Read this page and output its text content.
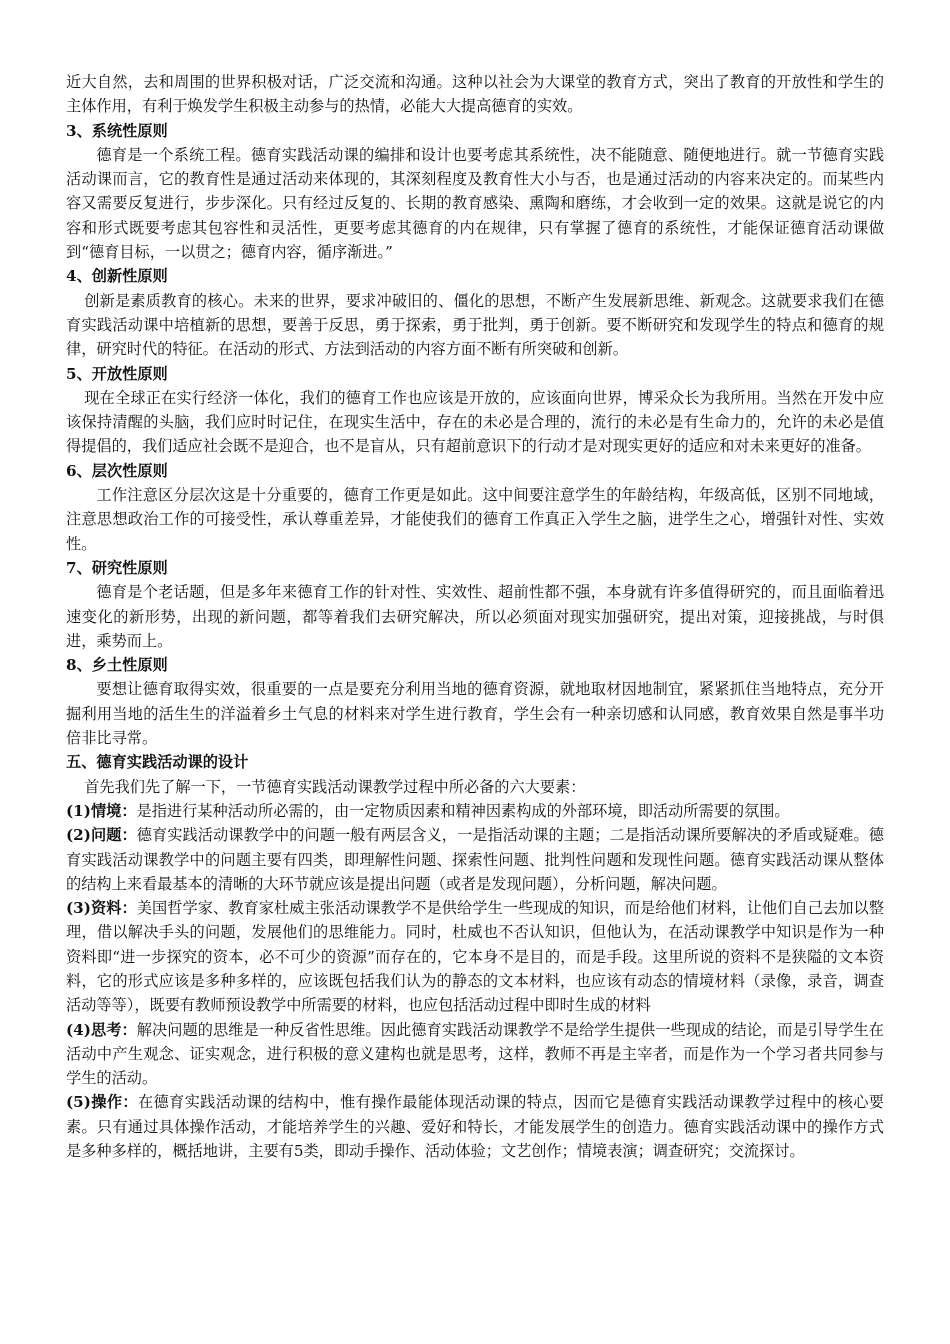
近大自然，去和周围的世界积极对话，广泛交流和沟通。这种以社会为大课堂的教育方式，突出了教育的开放性和学生的主体作用，有利于焕发学生积极主动参与的热情，必能大大提高德育的实效。

3、系统性原则

德育是一个系统工程。德育实践活动课的编排和设计也要考虑其系统性，决不能随意、随便地进行。就一节德育实践活动课而言，它的教育性是通过活动来体现的，其深刻程度及教育性大小与否，也是通过活动的内容来决定的。而某些内容又需要反复进行，步步深化。只有经过反复的、长期的教育感染、熏陶和磨练，才会收到一定的效果。这就是说它的内容和形式既要考虑其包容性和灵活性，更要考虑其德育的内在规律，只有掌握了德育的系统性，才能保证德育活动课做到“德育目标，一以贯之；德育内容，循序渐进。”

4、创新性原则

创新是素质教育的核心。未来的世界，要求冲破旧的、僵化的思想，不断产生发展新思维、新观念。这就要求我们在德育实践活动课中培植新的思想，要善于反思，勇于探索，勇于批判，勇于创新。要不断研究和发现学生的特点和德育的规律，研究时代的特征。在活动的形式、方法到活动的内容方面不断有所突破和创新。

5、开放性原则

现在全球正在实行经济一体化，我们的德育工作也应该是开放的，应该面向世界，博采众长为我所用。当然在开发中应该保持清醒的头脑，我们应时时记住，在现实生活中，存在的未必是合理的，流行的未必是有生命力的，允许的未必是值得提倡的，我们适应社会既不是迎合，也不是盲从，只有超前意识下的行动才是对现实更好的适应和对未来更好的准备。

6、层次性原则

工作注意区分层次这是十分重要的，德育工作更是如此。这中间要注意学生的年龄结构，年级高低，区别不同地域，注意思想政治工作的可接受性，承认尊重差异，才能使我们的德育工作真正入学生之脑，进学生之心，增强针对性、实效性。

7、研究性原则

德育是个老话题，但是多年来德育工作的针对性、实效性、超前性都不强，本身就有许多值得研究的，而且面临着迅速变化的新形势，出现的新问题，都等着我们去研究解决，所以必须面对现实加强研究，提出对策，迎接挑战，与时俱进，乘势而上。

8、乡土性原则

要想让德育取得实效，很重要的一点是要充分利用当地的德育资源，就地取材因地制宜，紧紧抓住当地特点，充分开掘利用当地的活生生的洋溢着乡土气息的材料来对学生进行教育，学生会有一种亲切感和认同感，教育效果自然是事半功倍非比寻常。

五、德育实践活动课的设计

首先我们先了解一下，一节德育实践活动课教学过程中所必备的六大要素：

(1)情境：是指进行某种活动所必需的，由一定物质因素和精神因素构成的外部环境，即活动所需要的氛围。

(2)问题：德育实践活动课教学中的问题一般有两层含义，一是指活动课的主题；二是指活动课所要解决的矛盾或疑难。德育实践活动课教学中的问题主要有四类，即理解性问题、探索性问题、批判性问题和发现性问题。德育实践活动课从整体的结构上来看最基本的清晰的大环节就应该是提出问题（或者是发现问题），分析问题，解决问题。

(3)资料：美国哲学家、教育家杜威主张活动课教学不是供给学生一些现成的知识，而是给他们材料，让他们自己去加以整理，借以解决手头的问题，发展他们的思维能力。同时，杜威也不否认知识，但他认为，在活动课教学中知识是作为一种资料即“进一步探究的资本，必不可少的资源”而存在的，它本身不是目的，而是手段。这里所说的资料不是狭隘的文本资料，它的形式应该是多种多样的，应该既包括我们认为的静态的文本材料，也应该有动态的情境材料（录像，录音，调查活动等等），既要有教师预设教学中所需要的材料，也应包括活动过程中即时生成的材料

(4)思考：解决问题的思维是一种反省性思维。因此德育实践活动课教学不是给学生提供一些现成的结论，而是引导学生在活动中产生观念、证实观念，进行积极的意义建构也就是思考，这样，教师不再是主宰者，而是作为一个学习者共同参与学生的活动。

(5)操作：在德育实践活动课的结构中，惟有操作最能体现活动课的特点，因而它是德育实践活动课教学过程中的核心要素。只有通过具体操作活动，才能培养学生的兴趣、爱好和特长，才能发展学生的创造力。德育实践活动课中的操作方式是多种多样的，概括地讲，主要有5类，即动手操作、活动体验；文艺创作；情境表演；调查研究；交流探讨。
